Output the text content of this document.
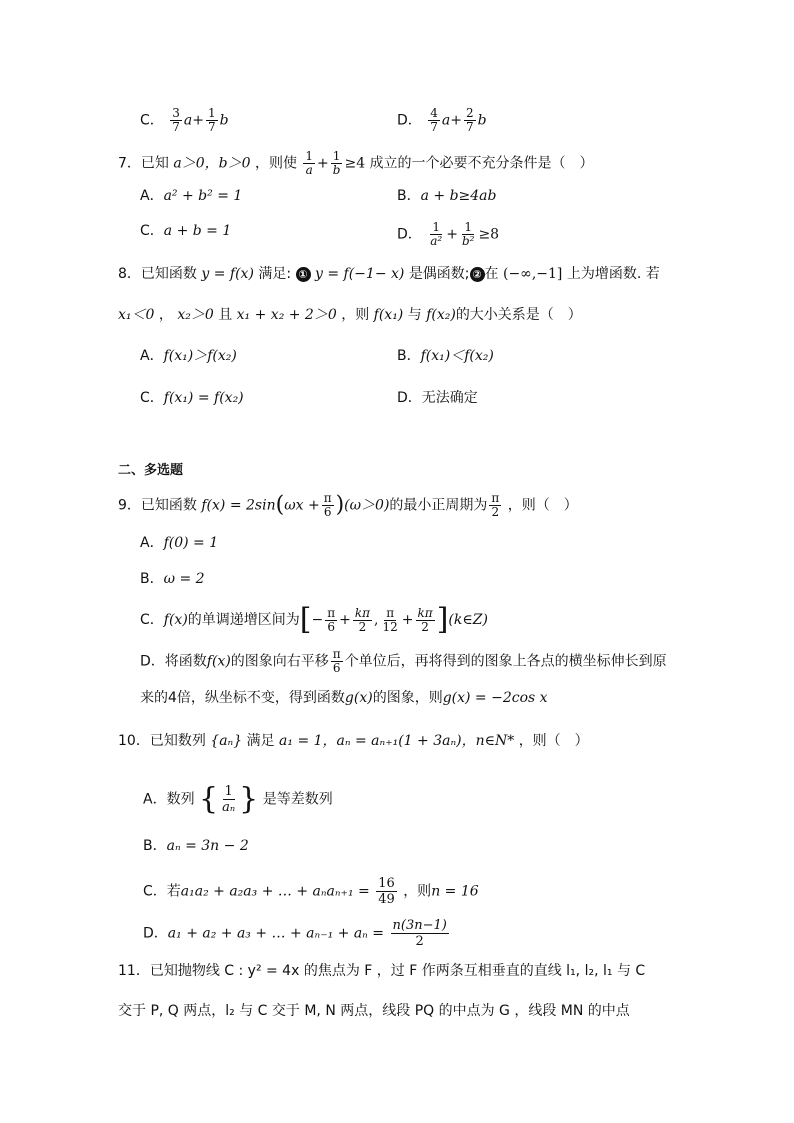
C． $\frac{3}{7} a+ \frac{1}{7}$ b	D． $\frac{4}{7} a+ \frac{2}{7}$ b
7．已知 a＞0，b＞0 ，则使 $\frac{1}{a} + \frac{1}{b} \ge 4$ 成立的一个必要不充分条件是（　）
A．a² + b² = 1	B．a + b≥4ab
C．a + b = 1	D． $\frac{1}{\text{a²}} + \frac{1}{\text{b²}} \ge 8$
8．已知函数 y = f(x) 满足: ① y = f(−1− x) 是偶函数; ② 在 (−∞,−1] 上为增函数. 若
x₁＜0 ， x₂＞0 且 x₁ + x₂ + 2＞0 ，则 f(x₁) 与 f(x₂)的大小关系是（　）
A．f(x₁)＞f(x₂)	B．f(x₁)＜f(x₂)
C．f(x₁) = f(x₂)	D．无法确定
二、多选题
9．已知函数 $f(x) = 2\sin(\omega x + \frac{\pi}{6} )(\omega>0)$的最小正周期为 $\frac{\pi}{2}$ ，则（　）
A．f(0) = 1
B．ω = 2
C．f(x)的单调递增区间为[− $\frac{\pi}{6} + \frac{k\pi}{2}$ , $\frac{\pi}{12} + \frac{k\pi}{2}$ ](k∈Z)
D．将函数f(x)的图象向右平移 $\frac{\pi}{6}$ 个单位后，再将得到的图象上各点的横坐标伸长到原
来的4倍，纵坐标不变，得到函数g(x)的图象，则g(x) = −2cos x
10．已知数列 {aₙ} 满足 a₁ = 1，aₙ = aₙ₊₁(1 + 3aₙ)，n∈N* ，则（　）
A．数列 { $\frac{1}{\text{aₙ}}$ } 是等差数列
B．aₙ = 3n − 2
C．若a₁a₂ + a₂a₃ + … + $a_na_{n+1} = \frac{16}{49}$ ，则n = 16
D．a₁ + a₂ + a₃ + … + $a_{n-1} + a_n = \frac{n(3n-1)}{2}$
11．已知抛物线 C : y² = 4x 的焦点为 F ，过 F 作两条互相垂直的直线 l₁, l₂, l₁ 与 C
交于 P, Q 两点，l₂ 与 C 交于 M, N 两点，线段 PQ 的中点为 G ，线段 MN 的中点
